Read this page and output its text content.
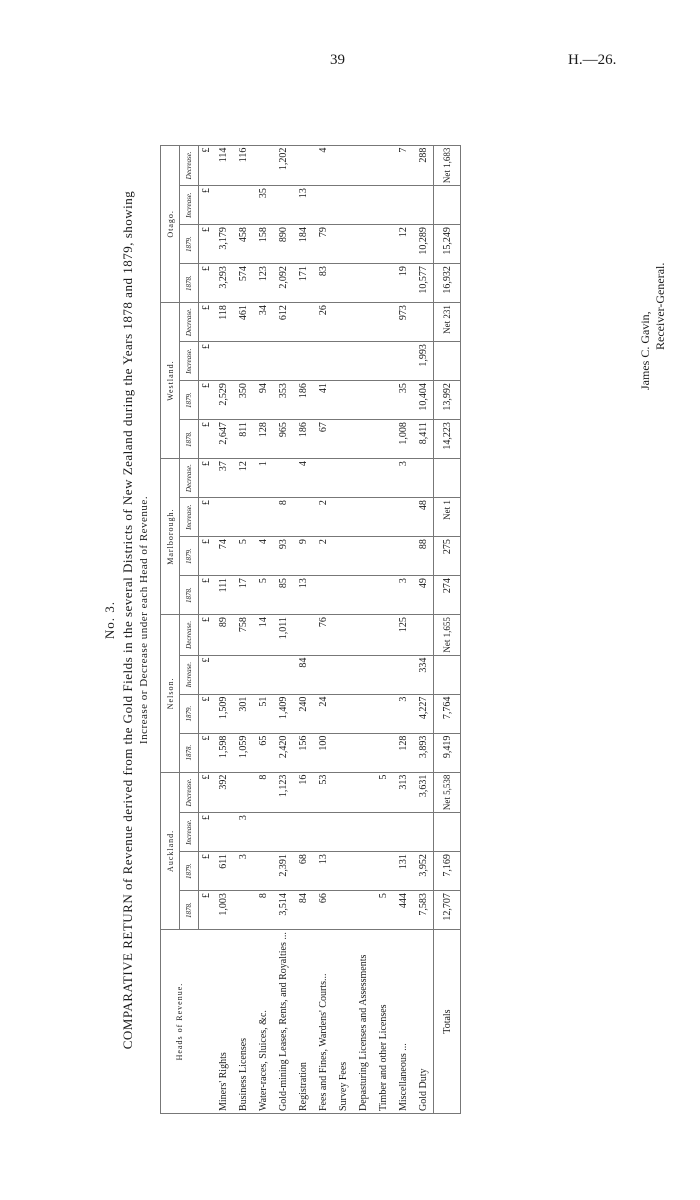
39	H.—26.
No. 3. COMPARATIVE RETURN of Revenue derived from the Gold Fields in the several Districts of New Zealand during the Years 1878 and 1879, showing Increase or Decrease under each Head of Revenue.
Heads of Revenue.	Auckland.				Nelson.				Marlborough.				Westland.				Otago.			
	1878.	1879.	Increase.	Decrease.	1878.	1879.	Increase.	Decrease.	1878.	1879.	Increase.	Decrease.	1878.	1879.	Increase.	Decrease.	1878.	1879.	Increase.	Decrease.
	£	£	£	£	£	£	£	£	£	£	£	£	£	£	£	£	£	£	£	£
Miners' Rights	1,003	611		392	1,598	1,509		89	111	74		37	2,647	2,529		118	3,293	3,179		114
Business Licenses		3	3		1,059	301		758	17	5		12	811	350		461	574	458		116
Water-races, Sluices, &c.	8			8	65	51		14	5	4		1	128	94		34	123	158	35	
Gold-mining Leases, Rents, and Royalties ...	3,514	2,391		1,123	2,420	1,409		1,011	85	93	8		965	353		612	2,092	890		1,202
Registration	84	68		16	156	240	84		13	9		4	186	186			171	184	13	
Fees and Fines, Wardens' Courts...	66	13		53	100	24		76		2	2		67	41		26	83	79		4
Survey Fees																				
Depasturing Licenses and Assessments																				
Timber and other Licenses	5			5																
Miscellaneous ...	444	131		313	128	3		125	3			3	1,008	35		973	19	12		7
Gold Duty	7,583	3,952		3,631	3,893	4,227	334		49	88	48		8,411	10,404	1,993		10,577	10,289		288
Totals	12,707	7,169		Net 5,538	9,419	7,764		Net 1,655	274	275	Net 1		14,223	13,992		Net 231	16,932	15,249		Net 1,683
James C. Gavin,
Receiver-General.
